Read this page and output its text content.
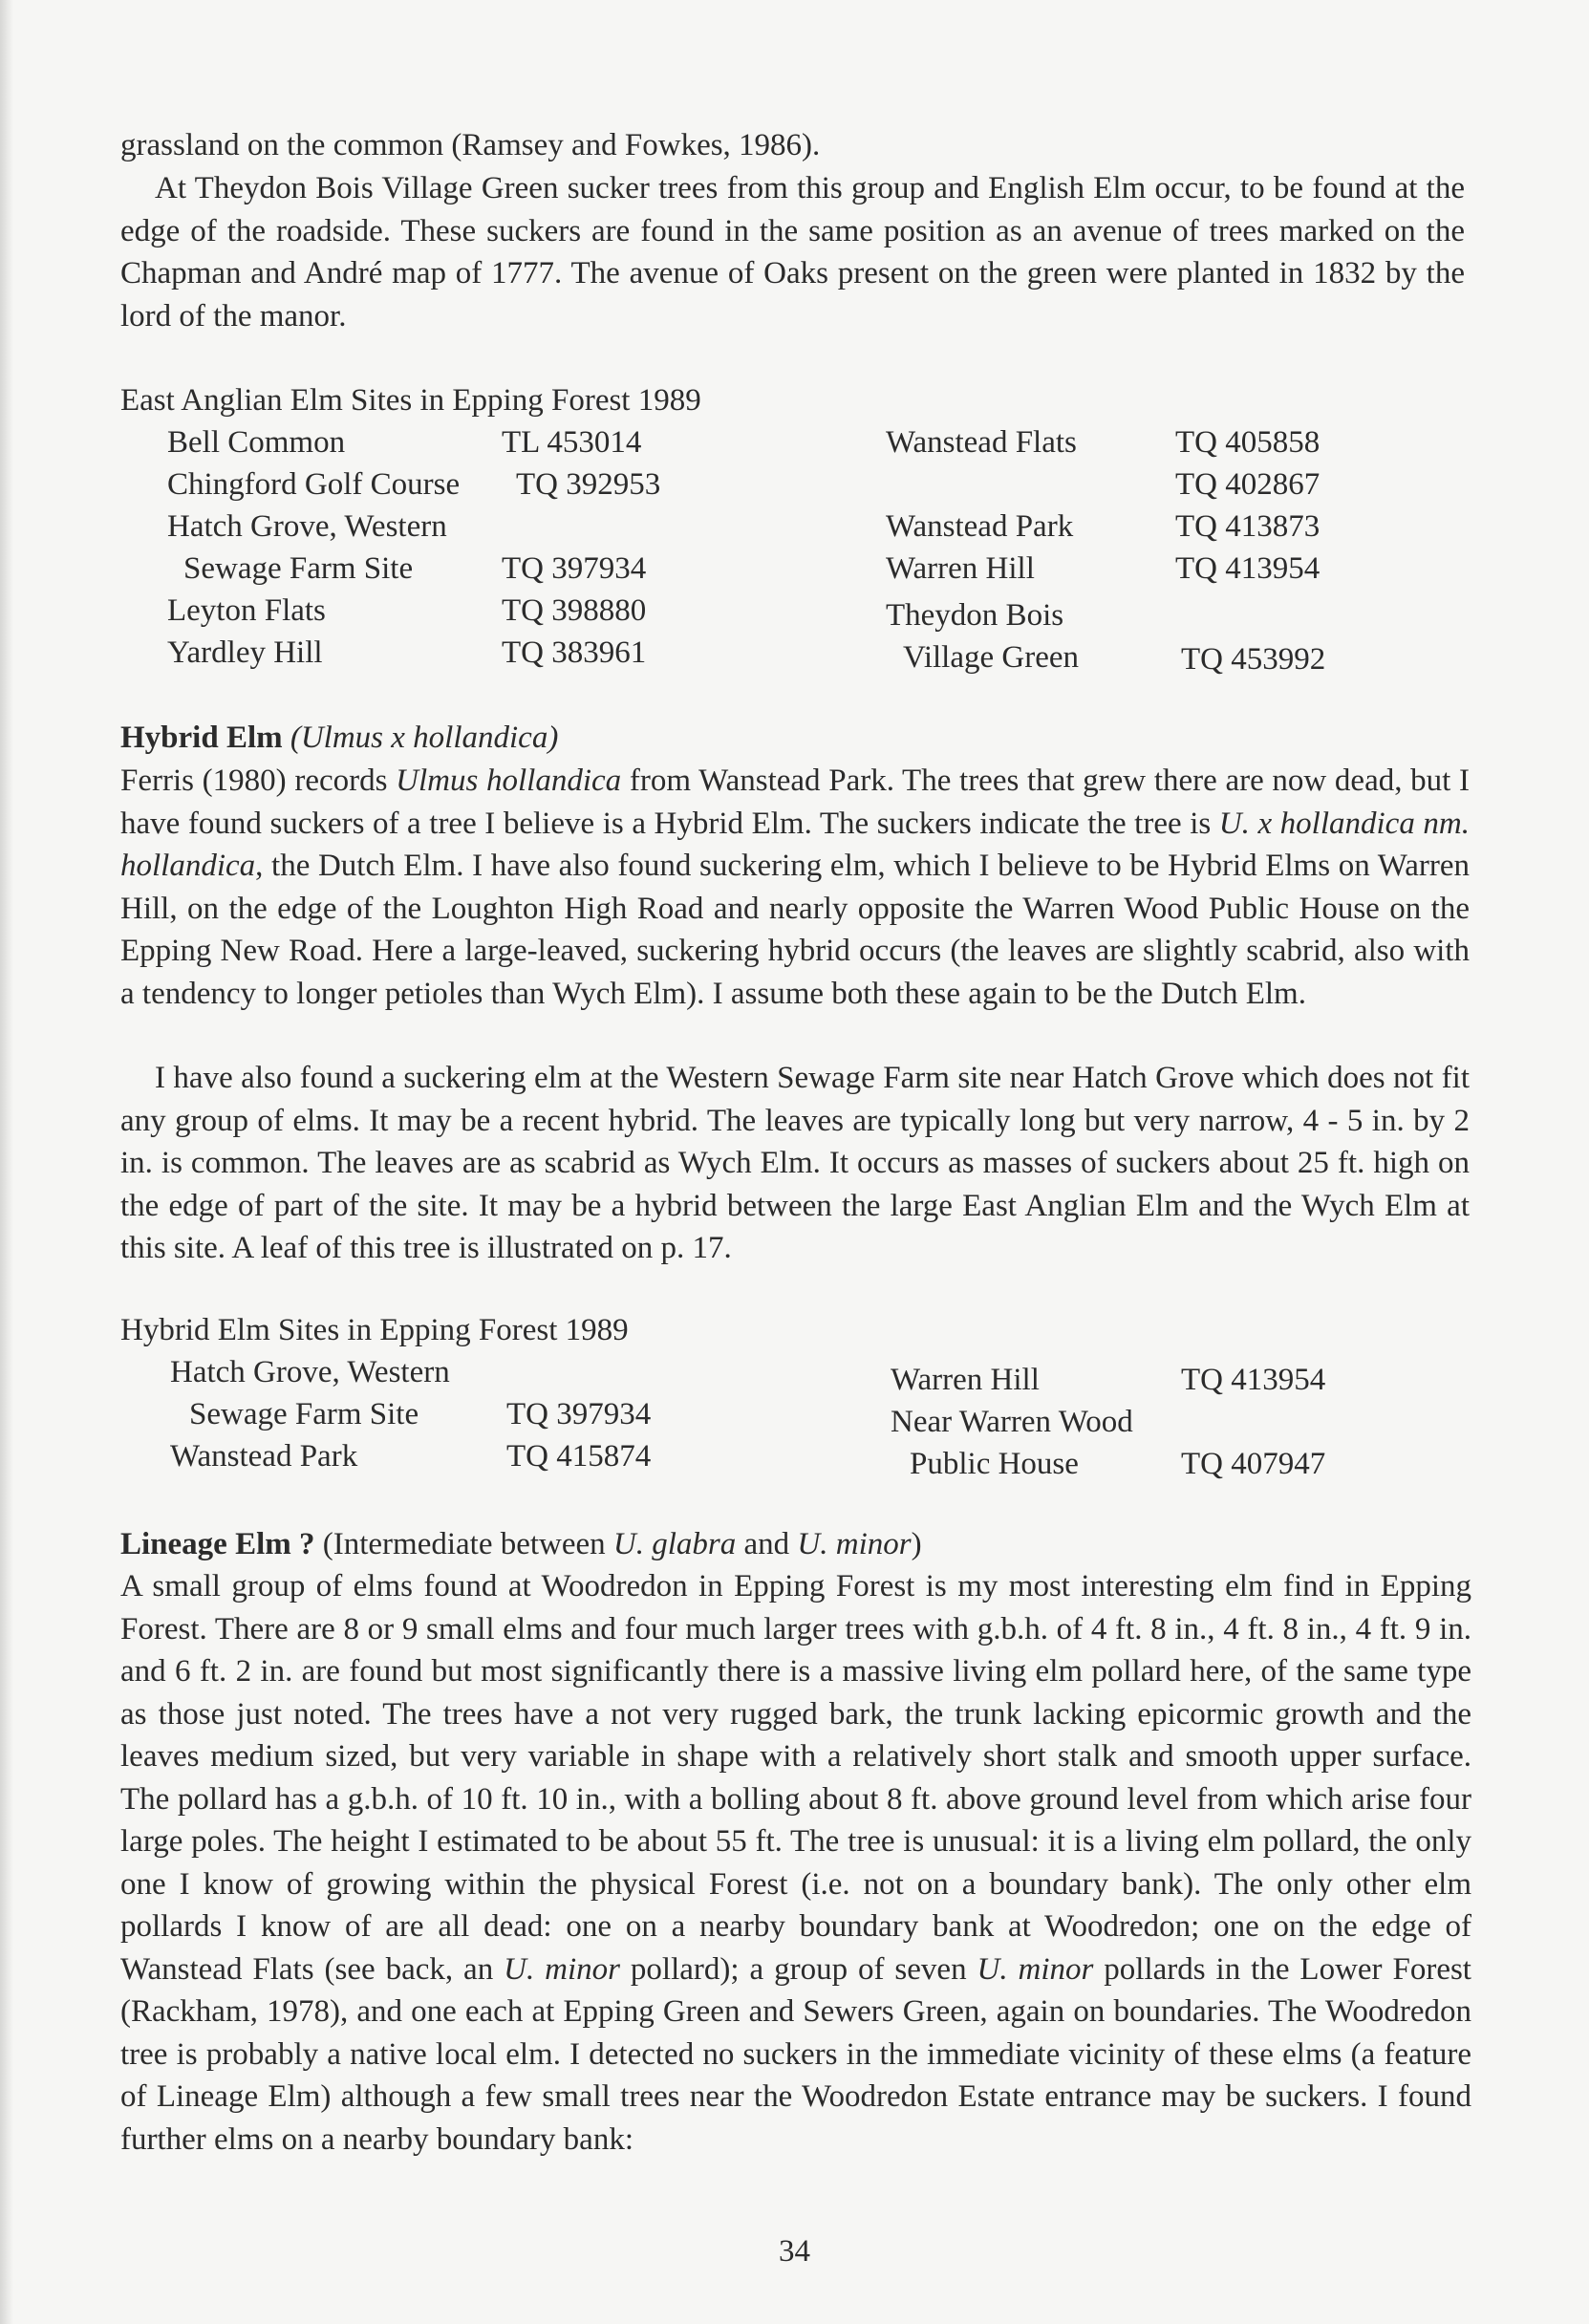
grassland on the common (Ramsey and Fowkes, 1986).

At Theydon Bois Village Green sucker trees from this group and English Elm occur, to be found at the edge of the roadside. These suckers are found in the same position as an avenue of trees marked on the Chapman and André map of 1777. The avenue of Oaks present on the green were planted in 1832 by the lord of the manor.

East Anglian Elm Sites in Epping Forest 1989
Bell Common	TL 453014
Chingford Golf Course TQ 392953
Hatch Grove, Western
Sewage Farm Site	TQ 397934
Leyton Flats	TQ 398880
Yardley Hill	TQ 383961
Wanstead Flats	TQ 405858
TQ 402867
Wanstead Park	TQ 413873
Warren Hill	TQ 413954
Theydon Bois
Village Green	TQ 453992

Hybrid Elm (Ulmus x hollandica)

Ferris (1980) records Ulmus hollandica from Wanstead Park. The trees that grew there are now dead, but I have found suckers of a tree I believe is a Hybrid Elm. The suckers indicate the tree is U. x hollandica nm. hollandica, the Dutch Elm. I have also found suckering elm, which I believe to be Hybrid Elms on Warren Hill, on the edge of the Loughton High Road and nearly opposite the Warren Wood Public House on the Epping New Road. Here a large-leaved, suckering hybrid occurs (the leaves are slightly scabrid, also with a tendency to longer petioles than Wych Elm). I assume both these again to be the Dutch Elm.

I have also found a suckering elm at the Western Sewage Farm site near Hatch Grove which does not fit any group of elms. It may be a recent hybrid. The leaves are typically long but very narrow, 4 - 5 in. by 2 in. is common. The leaves are as scabrid as Wych Elm. It occurs as masses of suckers about 25 ft. high on the edge of part of the site. It may be a hybrid between the large East Anglian Elm and the Wych Elm at this site. A leaf of this tree is illustrated on p. 17.

Hybrid Elm Sites in Epping Forest 1989
Hatch Grove, Western
Sewage Farm Site	TQ 397934
Wanstead Park	TQ 415874
Warren Hill	TQ 413954
Near Warren Wood
Public House	TQ 407947

Lineage Elm ? (Intermediate between U. glabra and U. minor)

A small group of elms found at Woodredon in Epping Forest is my most interesting elm find in Epping Forest. There are 8 or 9 small elms and four much larger trees with g.b.h. of 4 ft. 8 in., 4 ft. 8 in., 4 ft. 9 in. and 6 ft. 2 in. are found but most significantly there is a massive living elm pollard here, of the same type as those just noted. The trees have a not very rugged bark, the trunk lacking epicormic growth and the leaves medium sized, but very variable in shape with a relatively short stalk and smooth upper surface. The pollard has a g.b.h. of 10 ft. 10 in., with a bolling about 8 ft. above ground level from which arise four large poles. The height I estimated to be about 55 ft. The tree is unusual: it is a living elm pollard, the only one I know of growing within the physical Forest (i.e. not on a boundary bank). The only other elm pollards I know of are all dead: one on a nearby boundary bank at Woodredon; one on the edge of Wanstead Flats (see back, an U. minor pollard); a group of seven U. minor pollards in the Lower Forest (Rackham, 1978), and one each at Epping Green and Sewers Green, again on boundaries. The Woodredon tree is probably a native local elm. I detected no suckers in the immediate vicinity of these elms (a feature of Lineage Elm) although a few small trees near the Woodredon Estate entrance may be suckers. I found further elms on a nearby boundary bank:

34
